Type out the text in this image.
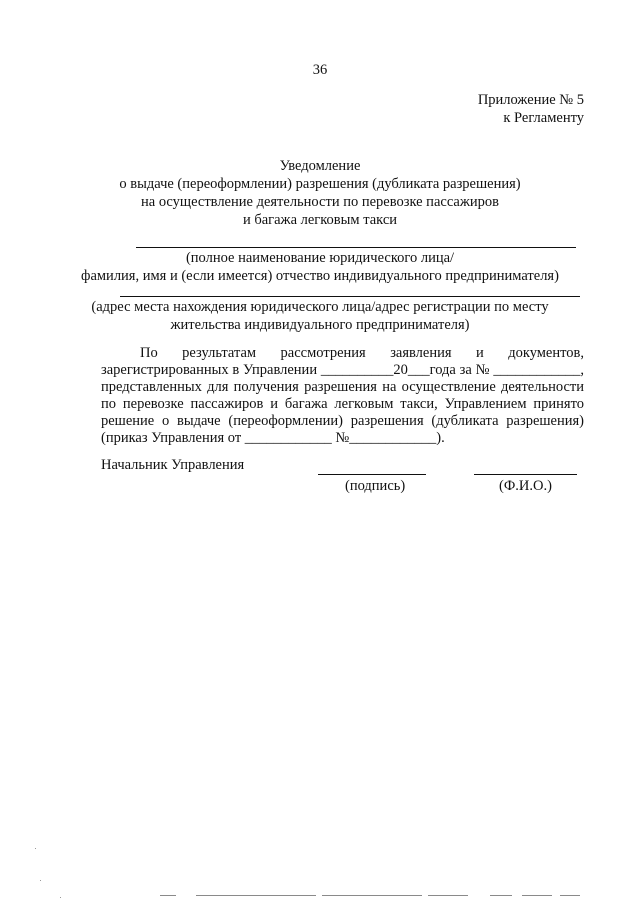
36
Приложение № 5
к Регламенту
Уведомление
о выдаче (переоформлении) разрешения (дубликата разрешения)
на осуществление деятельности по перевозке пассажиров
и багажа легковым такси
(полное наименование юридического лица/
фамилия, имя и (если имеется) отчество индивидуального предпринимателя)
(адрес места нахождения юридического лица/адрес регистрации по месту
жительства индивидуального предпринимателя)
По результатам рассмотрения заявления и документов,
зарегистрированных в Управлении __________20___года за № ____________,
представленных для получения разрешения на осуществление деятельности
по перевозке пассажиров и багажа легковым такси, Управлением принято
решение о выдаче (переоформлении) разрешения (дубликата разрешения)
(приказ Управления от ____________ №____________).
Начальник Управления
(подпись)	(Ф.И.О.)
